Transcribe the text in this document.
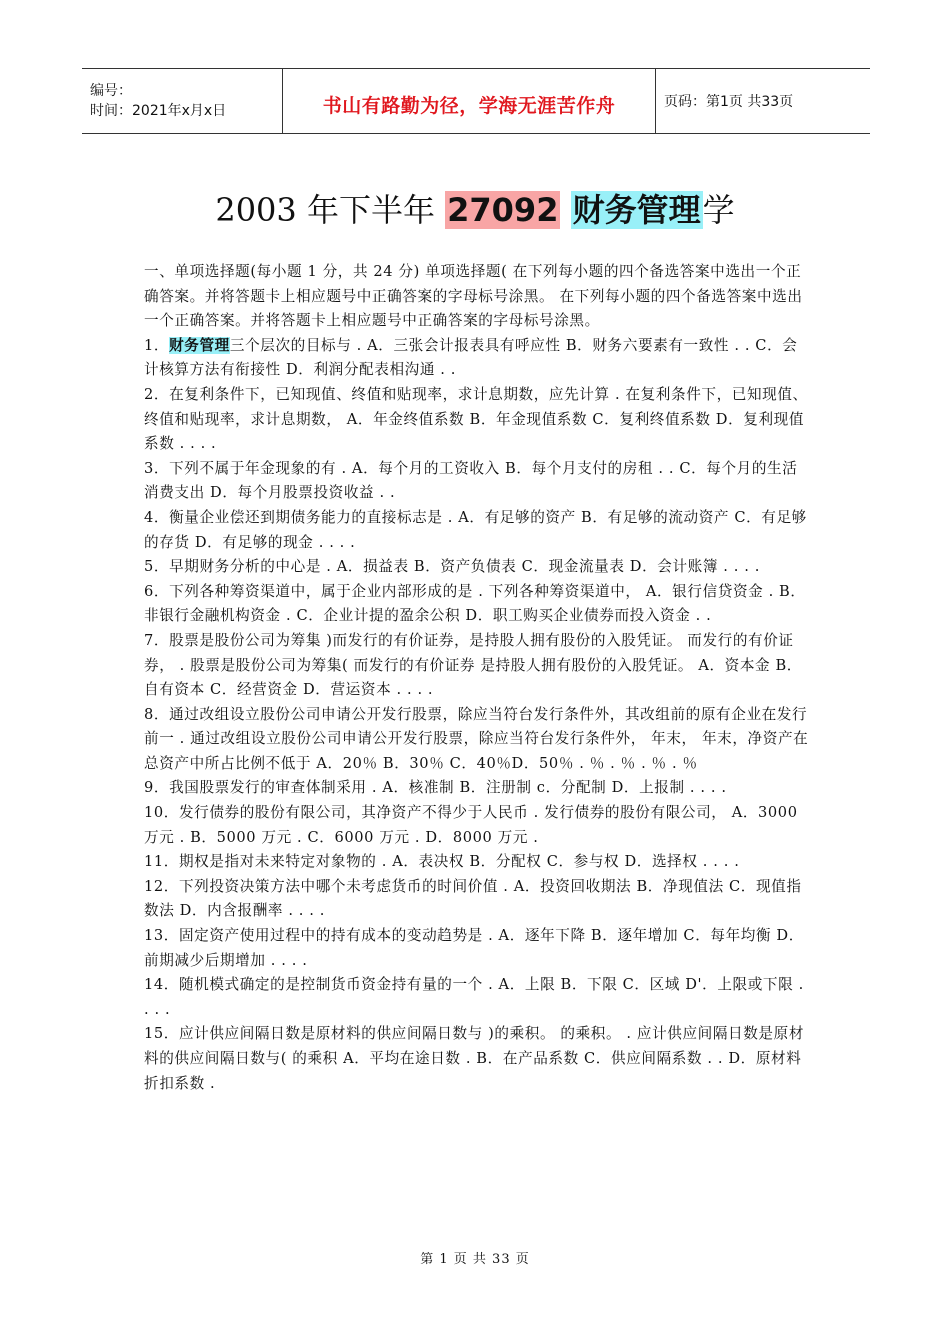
编号：
时间：2021年x月x日	书山有路勤为径，学海无涯苦作舟	页码：第1页 共33页
2003 年下半年 27092 财务管理学

一、单项选择题(每小题 1 分，共 24 分) 单项选择题( 在下列每小题的四个备选答案中选出一个正确答案。并将答题卡上相应题号中正确答案的字母标号涂黑。 在下列每小题的四个备选答案中选出一个正确答案。并将答题卡上相应题号中正确答案的字母标号涂黑。

1．财务管理三个层次的目标与 . A．三张会计报表具有呼应性 B．财务六要素有一致性 . . C．会计核算方法有衔接性 D．利润分配表相沟通 . .

2．在复利条件下，已知现值、终值和贴现率，求计息期数，应先计算 . 在复利条件下，已知现值、终值和贴现率，求计息期数， A．年金终值系数 B．年金现值系数 C．复利终值系数 D．复利现值系数 . . . .

3．下列不属于年金现象的有 . A．每个月的工资收入 B．每个月支付的房租 . . C．每个月的生活消费支出 D．每个月股票投资收益 . .

4．衡量企业偿还到期债务能力的直接标志是 . A．有足够的资产 B．有足够的流动资产 C．有足够的存货 D．有足够的现金 . . . .

5．早期财务分析的中心是 . A．损益表 B．资产负债表 C．现金流量表 D．会计账簿 . . . .

6．下列各种筹资渠道中，属于企业内部形成的是 . 下列各种筹资渠道中， A．银行信贷资金 . B．非银行金融机构资金 . C．企业计提的盈余公积 D．职工购买企业债券而投入资金 . .

7．股票是股份公司为筹集 )而发行的有价证券，是持股人拥有股份的入股凭证。 而发行的有价证券， . 股票是股份公司为筹集( 而发行的有价证券 是持股人拥有股份的入股凭证。 A．资本金 B．自有资本 C．经营资金 D．营运资本 . . . .

8．通过改组设立股份公司申请公开发行股票，除应当符台发行条件外，其改组前的原有企业在发行前一 . 通过改组设立股份公司申请公开发行股票，除应当符台发行条件外， 年末， 年末，净资产在总资产中所占比例不低于 A．20％ B．30％ C．40％D．50％ . ％ . ％ . ％ . ％

9．我国股票发行的审查体制采用 . A．核准制 B．注册制 c．分配制 D．上报制 . . . .

10．发行债券的股份有限公司，其净资产不得少于人民币 . 发行债券的股份有限公司， A．3000 万元 . B．5000 万元 . C．6000 万元 . D．8000 万元 .

11．期权是指对未来特定对象物的 . A．表决权 B．分配权 C．参与权 D．选择权 . . . .

12．下列投资决策方法中哪个未考虑货币的时间价值 . A．投资回收期法 B．净现值法 C．现值指数法 D．内含报酬率 . . . .

13．固定资产使用过程中的持有成本的变动趋势是 . A．逐年下降 B．逐年增加 C．每年均衡 D．前期减少后期增加 . . . .

14．随机模式确定的是控制货币资金持有量的一个 . A．上限 B．下限 C．区域 D'．上限或下限 . . . .

15．应计供应间隔日数是原材料的供应间隔日数与 )的乘积。 的乘积。 . 应计供应间隔日数是原材料的供应间隔日数与( 的乘积 A．平均在途日数 . B．在产品系数 C．供应间隔系数 . . D．原材料折扣系数 .

第 1 页 共 33 页
